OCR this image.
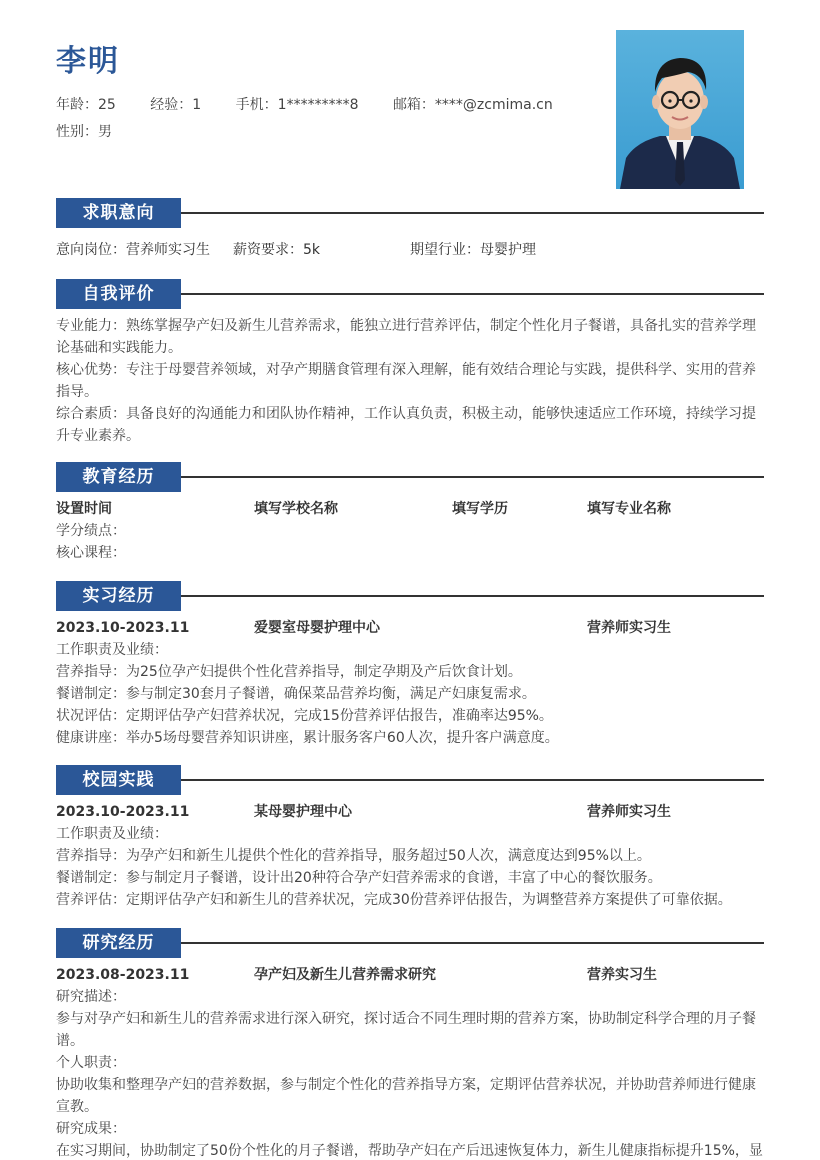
李明
年龄：25 经验：1 手机：1*********8 邮箱：****@zcmima.cn
性别：男
求职意向
意向岗位：营养师实习生 薪资要求：5k	期望行业：母婴护理
自我评价
专业能力：熟练掌握孕产妇及新生儿营养需求，能独立进行营养评估，制定个性化月子餐谱，具备扎实的营养学理
论基础和实践能力。
核心优势：专注于母婴营养领域，对孕产期膳食管理有深入理解，能有效结合理论与实践，提供科学、实用的营养
指导。
综合素质：具备良好的沟通能力和团队协作精神，工作认真负责，积极主动，能够快速适应工作环境，持续学习提
升专业素养。
教育经历
设置时间	填写学校名称	填写学历	填写专业名称
学分绩点：
核心课程：
实习经历
2023.10-2023.11	爱婴室母婴护理中心	营养师实习生
工作职责及业绩：
营养指导：为25位孕产妇提供个性化营养指导，制定孕期及产后饮食计划。
餐谱制定：参与制定30套月子餐谱，确保菜品营养均衡，满足产妇康复需求。
状况评估：定期评估孕产妇营养状况，完成15份营养评估报告，准确率达95%。
健康讲座：举办5场母婴营养知识讲座，累计服务客户60人次，提升客户满意度。
校园实践
2023.10-2023.11	某母婴护理中心	营养师实习生
工作职责及业绩：
营养指导：为孕产妇和新生儿提供个性化的营养指导，服务超过50人次，满意度达到95%以上。
餐谱制定：参与制定月子餐谱，设计出20种符合孕产妇营养需求的食谱，丰富了中心的餐饮服务。
营养评估：定期评估孕产妇和新生儿的营养状况，完成30份营养评估报告，为调整营养方案提供了可靠依据。
研究经历
2023.08-2023.11	孕产妇及新生儿营养需求研究	营养实习生
研究描述：
参与对孕产妇和新生儿的营养需求进行深入研究，探讨适合不同生理时期的营养方案，协助制定科学合理的月子餐
谱。
个人职责：
协助收集和整理孕产妇的营养数据，参与制定个性化的营养指导方案，定期评估营养状况，并协助营养师进行健康
宣教。
研究成果：
在实习期间，协助制定了50份个性化的月子餐谱，帮助孕产妇在产后迅速恢复体力，新生儿健康指标提升15%，显
